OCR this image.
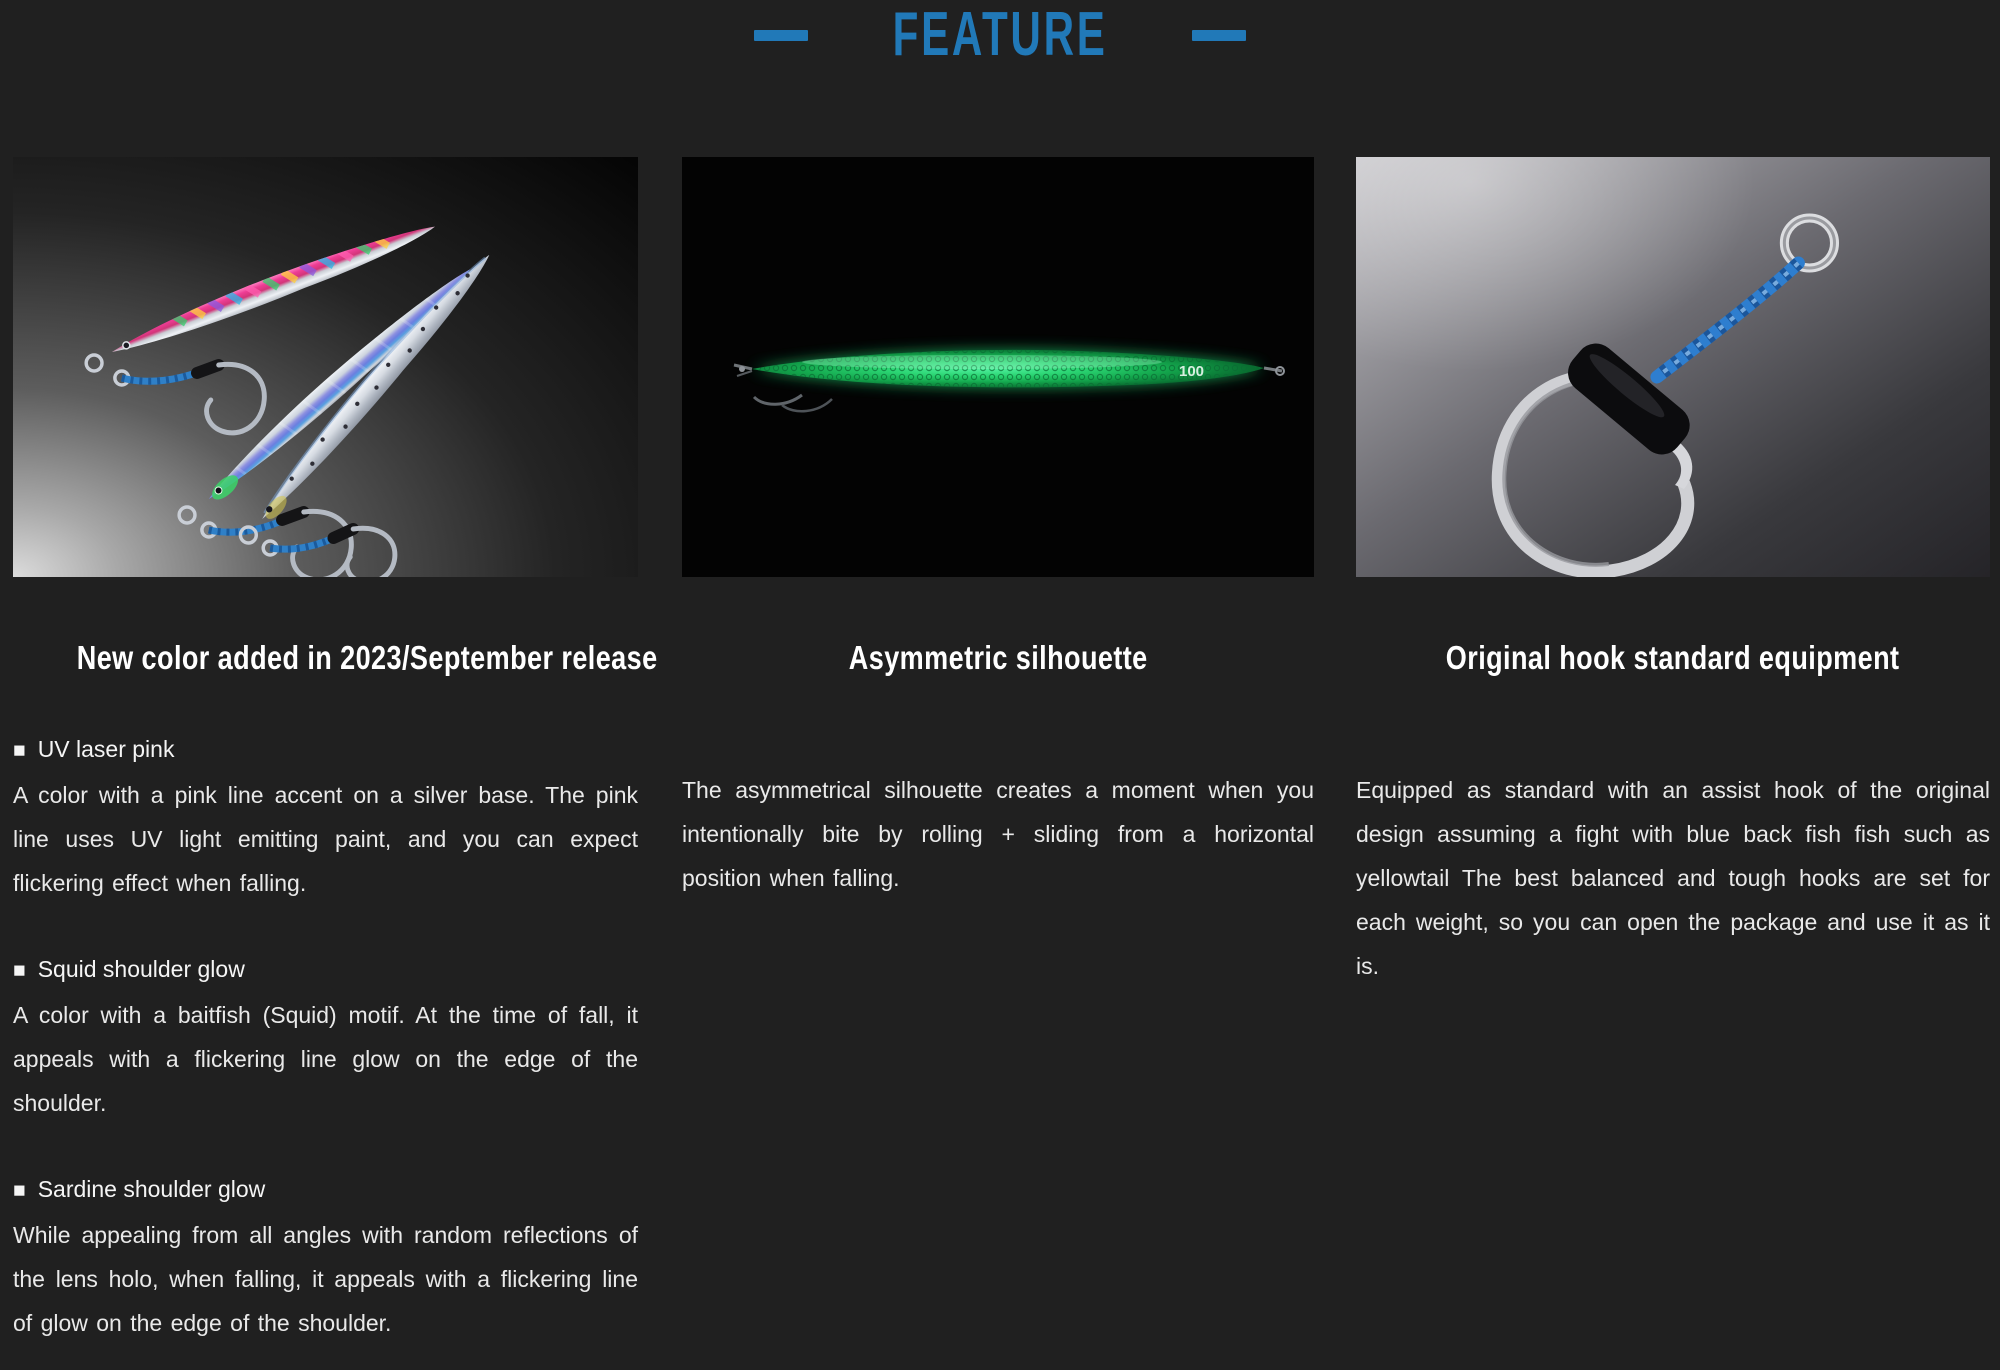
FEATURE
New color added in 2023/September release
■ UV laser pink

A color with a pink line accent on a silver base. The pink line uses UV light emitting paint, and you can expect flickering effect when falling.

■ Squid shoulder glow

A color with a baitfish (Squid) motif. At the time of fall, it appeals with a flickering line glow on the edge of the shoulder.

■ Sardine shoulder glow

While appealing from all angles with random reflections of the lens holo, when falling, it appeals with a flickering line of glow on the edge of the shoulder.

100
Asymmetric silhouette

The asymmetrical silhouette creates a moment when you intentionally bite by rolling + sliding from a horizontal position when falling.

Original hook standard equipment

Equipped as standard with an assist hook of the original design assuming a fight with blue back fish fish such as yellowtail The best balanced and tough hooks are set for each weight, so you can open the package and use it as it is.
